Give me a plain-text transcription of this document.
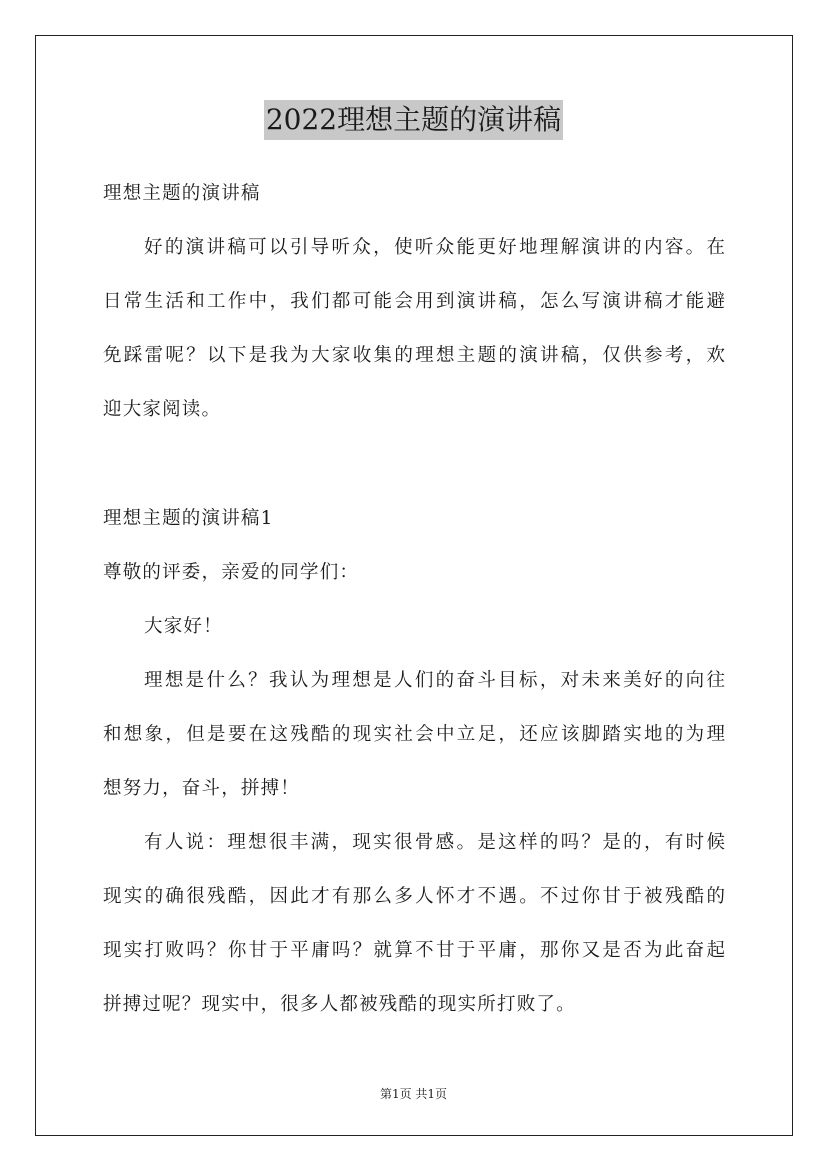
2022理想主题的演讲稿
理想主题的演讲稿
好的演讲稿可以引导听众，使听众能更好地理解演讲的内容。在
日常生活和工作中，我们都可能会用到演讲稿，怎么写演讲稿才能避
免踩雷呢？以下是我为大家收集的理想主题的演讲稿，仅供参考，欢
迎大家阅读。
理想主题的演讲稿1
尊敬的评委，亲爱的同学们：
大家好！
理想是什么？我认为理想是人们的奋斗目标，对未来美好的向往
和想象，但是要在这残酷的现实社会中立足，还应该脚踏实地的为理
想努力，奋斗，拼搏！
有人说：理想很丰满，现实很骨感。是这样的吗？是的，有时候
现实的确很残酷，因此才有那么多人怀才不遇。不过你甘于被残酷的
现实打败吗？你甘于平庸吗？就算不甘于平庸，那你又是否为此奋起
拼搏过呢？现实中，很多人都被残酷的现实所打败了。
第1页 共1页
